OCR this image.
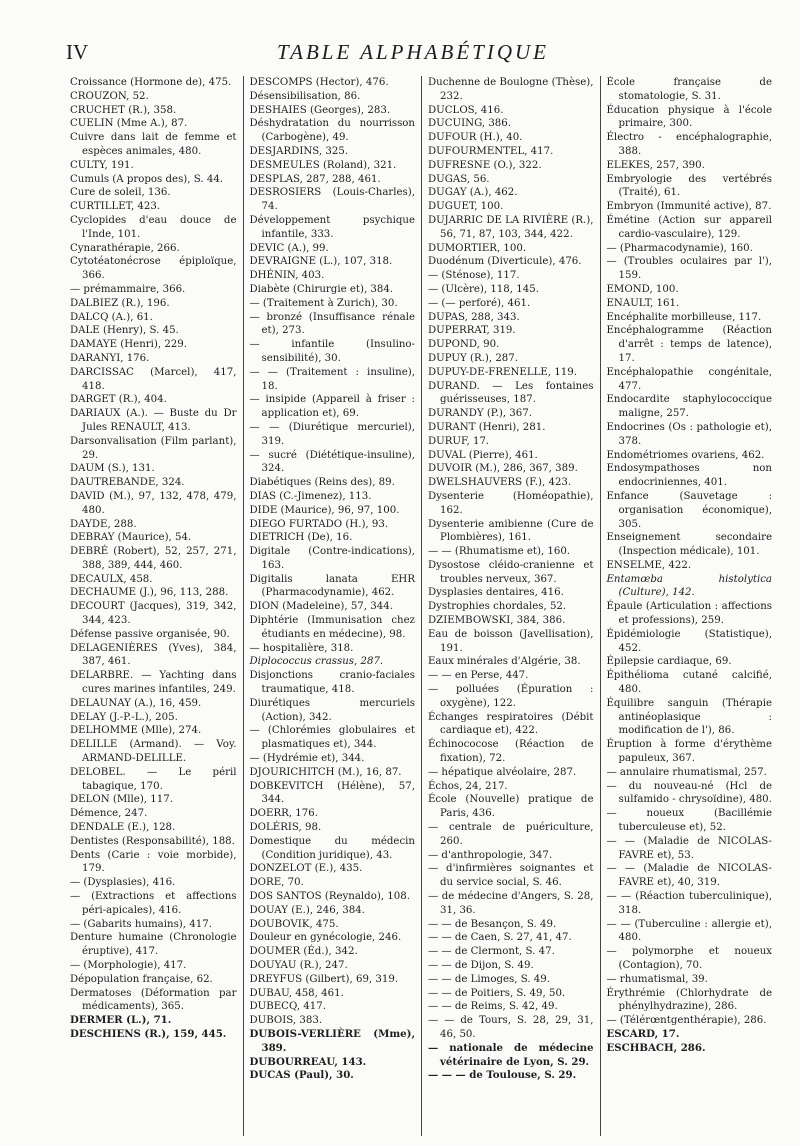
IV	TABLE ALPHABÉTIQUE
Croissance (Hormone de), 475.
CROUZON, 52.
CRUCHET (R.), 358.
CUELIN (Mme A.), 87.
Cuivre dans lait de femme et espèces animales, 480.
CULTY, 191.
Cumuls (A propos des), S. 44.
Cure de soleil, 136.
CURTILLET, 423.
Cyclopides d'eau douce de l'Inde, 101.
Cynarathérapie, 266.
Cytotéatonécrose épiploïque, 366.
— prémammaire, 366.
DALBIEZ (R.), 196.
DALCQ (A.), 61.
DALE (Henry), S. 45.
DAMAYE (Henri), 229.
DARANYI, 176.
DARCISSAC (Marcel), 417, 418.
DARGET (R.), 404.
DARIAUX (A.). — Buste du Dr Jules RENAULT, 413.
Darsonvalisation (Film parlant), 29.
DAUM (S.), 131.
DAUTREBANDE, 324.
DAVID (M.), 97, 132, 478, 479, 480.
DAYDE, 288.
DEBRAY (Maurice), 54.
DEBRÉ (Robert), 52, 257, 271, 388, 389, 444, 460.
DECAULX, 458.
DECHAUME (J.), 96, 113, 288.
DECOURT (Jacques), 319, 342, 344, 423.
Défense passive organisée, 90.
DELAGENIÈRES (Yves), 384, 387, 461.
DELARBRE. — Yachting dans cures marines infantiles, 249.
DELAUNAY (A.), 16, 459.
DELAY (J.-P.-L.), 205.
DELHOMME (Mlle), 274.
DELILLE (Armand). — Voy. ARMAND-DELILLE.
DELOBEL. — Le péril tabagique, 170.
DELON (Mlle), 117.
Démence, 247.
DENDALE (E.), 128.
Dentistes (Responsabilité), 188.
Dents (Carie : voie morbide), 179.
— (Dysplasies), 416.
— (Extractions et affections péri-apicales), 416.
— (Gabarits humains), 417.
Denture humaine (Chronologie éruptive), 417.
— (Morphologie), 417.
Dépopulation française, 62.
Dermatoses (Déformation par médicaments), 365.
DERMER (L.), 71.
DESCHIENS (R.), 159, 445.
DESCOMPS (Hector), 476.
Désensibilisation, 86.
DESHAIES (Georges), 283.
Déshydratation du nourrisson (Carbogène), 49.
DESJARDINS, 325.
DESMEULES (Roland), 321.
DESPLAS, 287, 288, 461.
DESROSIERS (Louis-Charles), 74.
Développement psychique infantile, 333.
DEVIC (A.), 99.
DEVRAIGNE (L.), 107, 318.
DHÉNIN, 403.
Diabète (Chirurgie et), 384.
— (Traitement à Zurich), 30.
— bronzé (Insuffisance rénale et), 273.
— infantile (Insulino-sensibilité), 30.
— — (Traitement : insuline), 18.
— insipide (Appareil à friser : application et), 69.
— — (Diurétique mercuriel), 319.
— sucré (Diététique-insuline), 324.
Diabétiques (Reins des), 89.
DIAS (C.-Jimenez), 113.
DIDE (Maurice), 96, 97, 100.
DIEGO FURTADO (H.), 93.
DIETRICH (De), 16.
Digitale (Contre-indications), 163.
Digitalis lanata EHR (Pharmacodynamie), 462.
DION (Madeleine), 57, 344.
Diphtérie (Immunisation chez étudiants en médecine), 98.
— hospitalière, 318.
Diplococcus crassus, 287.
Disjonctions cranio-faciales traumatique, 418.
Diurétiques mercuriels (Action), 342.
— (Chlorémies globulaires et plasmatiques et), 344.
— (Hydrémie et), 344.
DJOURICHITCH (M.), 16, 87.
DOBKEVITCH (Hélène), 57, 344.
DOERR, 176.
DOLÉRIS, 98.
Domestique du médecin (Condition juridique), 43.
DONZELOT (E.), 435.
DORE, 70.
DOS SANTOS (Reynaldo), 108.
DOUAY (E.), 246, 384.
DOUBOVIK, 475.
Douleur en gynécologie, 246.
DOUMER (Éd.), 342.
DOUYAU (R.), 247.
DREYFUS (Gilbert), 69, 319.
DUBAU, 458, 461.
DUBECQ, 417.
DUBOIS, 383.
DUBOIS-VERLIÈRE (Mme), 389.
DUBOURREAU, 143.
DUCAS (Paul), 30.
Duchenne de Boulogne (Thèse), 232.
DUCLOS, 416.
DUCUING, 386.
DUFOUR (H.), 40.
DUFOURMENTEL, 417.
DUFRESNE (O.), 322.
DUGAS, 56.
DUGAY (A.), 462.
DUGUET, 100.
DUJARRIC DE LA RIVIÈRE (R.), 56, 71, 87, 103, 344, 422.
DUMORTIER, 100.
Duodénum (Diverticule), 476.
— (Sténose), 117.
— (Ulcère), 118, 145.
— (— perforé), 461.
DUPAS, 288, 343.
DUPERRAT, 319.
DUPOND, 90.
DUPUY (R.), 287.
DUPUY-DE-FRENELLE, 119.
DURAND. — Les fontaines guérisseuses, 187.
DURANDY (P.), 367.
DURANT (Henri), 281.
DURUF, 17.
DUVAL (Pierre), 461.
DUVOIR (M.), 286, 367, 389.
DWELSHAUVERS (F.), 423.
Dysenterie (Homéopathie), 162.
Dysenterie amibienne (Cure de Plombières), 161.
— — (Rhumatisme et), 160.
Dysostose cléido-cranienne et troubles nerveux, 367.
Dysplasies dentaires, 416.
Dystrophies chordales, 52.
DZIEMBOWSKI, 384, 386.
Eau de boisson (Javellisation), 191.
Eaux minérales d'Algérie, 38.
— — en Perse, 447.
— polluées (Épuration : oxygène), 122.
Échanges respiratoires (Débit cardiaque et), 422.
Échinococose (Réaction de fixation), 72.
— hépatique alvéolaire, 287.
Échos, 24, 217.
École (Nouvelle) pratique de Paris, 436.
— centrale de puériculture, 260.
— d'anthropologie, 347.
— d'infirmières soignantes et du service social, S. 46.
— de médecine d'Angers, S. 28, 31, 36.
— — de Besançon, S. 49.
— — de Caen, S. 27, 41, 47.
— — de Clermont, S. 47.
— — de Dijon, S. 49.
— — de Limoges, S. 49.
— — de Poitiers, S. 49, 50.
— — de Reims, S. 42, 49.
— — de Tours, S. 28, 29, 31, 46, 50.
— nationale de médecine vétérinaire de Lyon, S. 29.
— — — de Toulouse, S. 29.
École française de stomatologie, S. 31.
Éducation physique à l'école primaire, 300.
Électro - encéphalographie, 388.
ELEKES, 257, 390.
Embryologie des vertébrés (Traité), 61.
Embryon (Immunité active), 87.
Émétine (Action sur appareil cardio-vasculaire), 129.
— (Pharmacodynamie), 160.
— (Troubles oculaires par l'), 159.
EMOND, 100.
ENAULT, 161.
Encéphalite morbilleuse, 117.
Encéphalogramme (Réaction d'arrêt : temps de latence), 17.
Encéphalopathie congénitale, 477.
Endocardite staphylococcique maligne, 257.
Endocrines (Os : pathologie et), 378.
Endométriomes ovariens, 462.
Endosympathoses non endocriniennes, 401.
Enfance (Sauvetage : organisation économique), 305.
Enseignement secondaire (Inspection médicale), 101.
ENSELME, 422.
Entamœba histolytica (Culture), 142.
Épaule (Articulation : affections et professions), 259.
Épidémiologie (Statistique), 452.
Épilepsie cardiaque, 69.
Épithélioma cutané calcifié, 480.
Équilibre sanguin (Thérapie antinéoplasique : modification de l'), 86.
Éruption à forme d'érythème papuleux, 367.
— annulaire rhumatismal, 257.
— du nouveau-né (Hcl de sulfamido - chrysoïdine), 480.
— noueux (Bacillémie tuberculeuse et), 52.
— — (Maladie de NICOLAS-FAVRE et), 53.
— — (Maladie de NICOLAS-FAVRE et), 40, 319.
— — (Réaction tuberculinique), 318.
— — (Tuberculine : allergie et), 480.
— polymorphe et noueux (Contagion), 70.
— rhumatismal, 39.
Érythrémie (Chlorhydrate de phénylhydrazine), 286.
— (Télérœntgenthérapie), 286.
ESCARD, 17.
ESCHBACH, 286.
